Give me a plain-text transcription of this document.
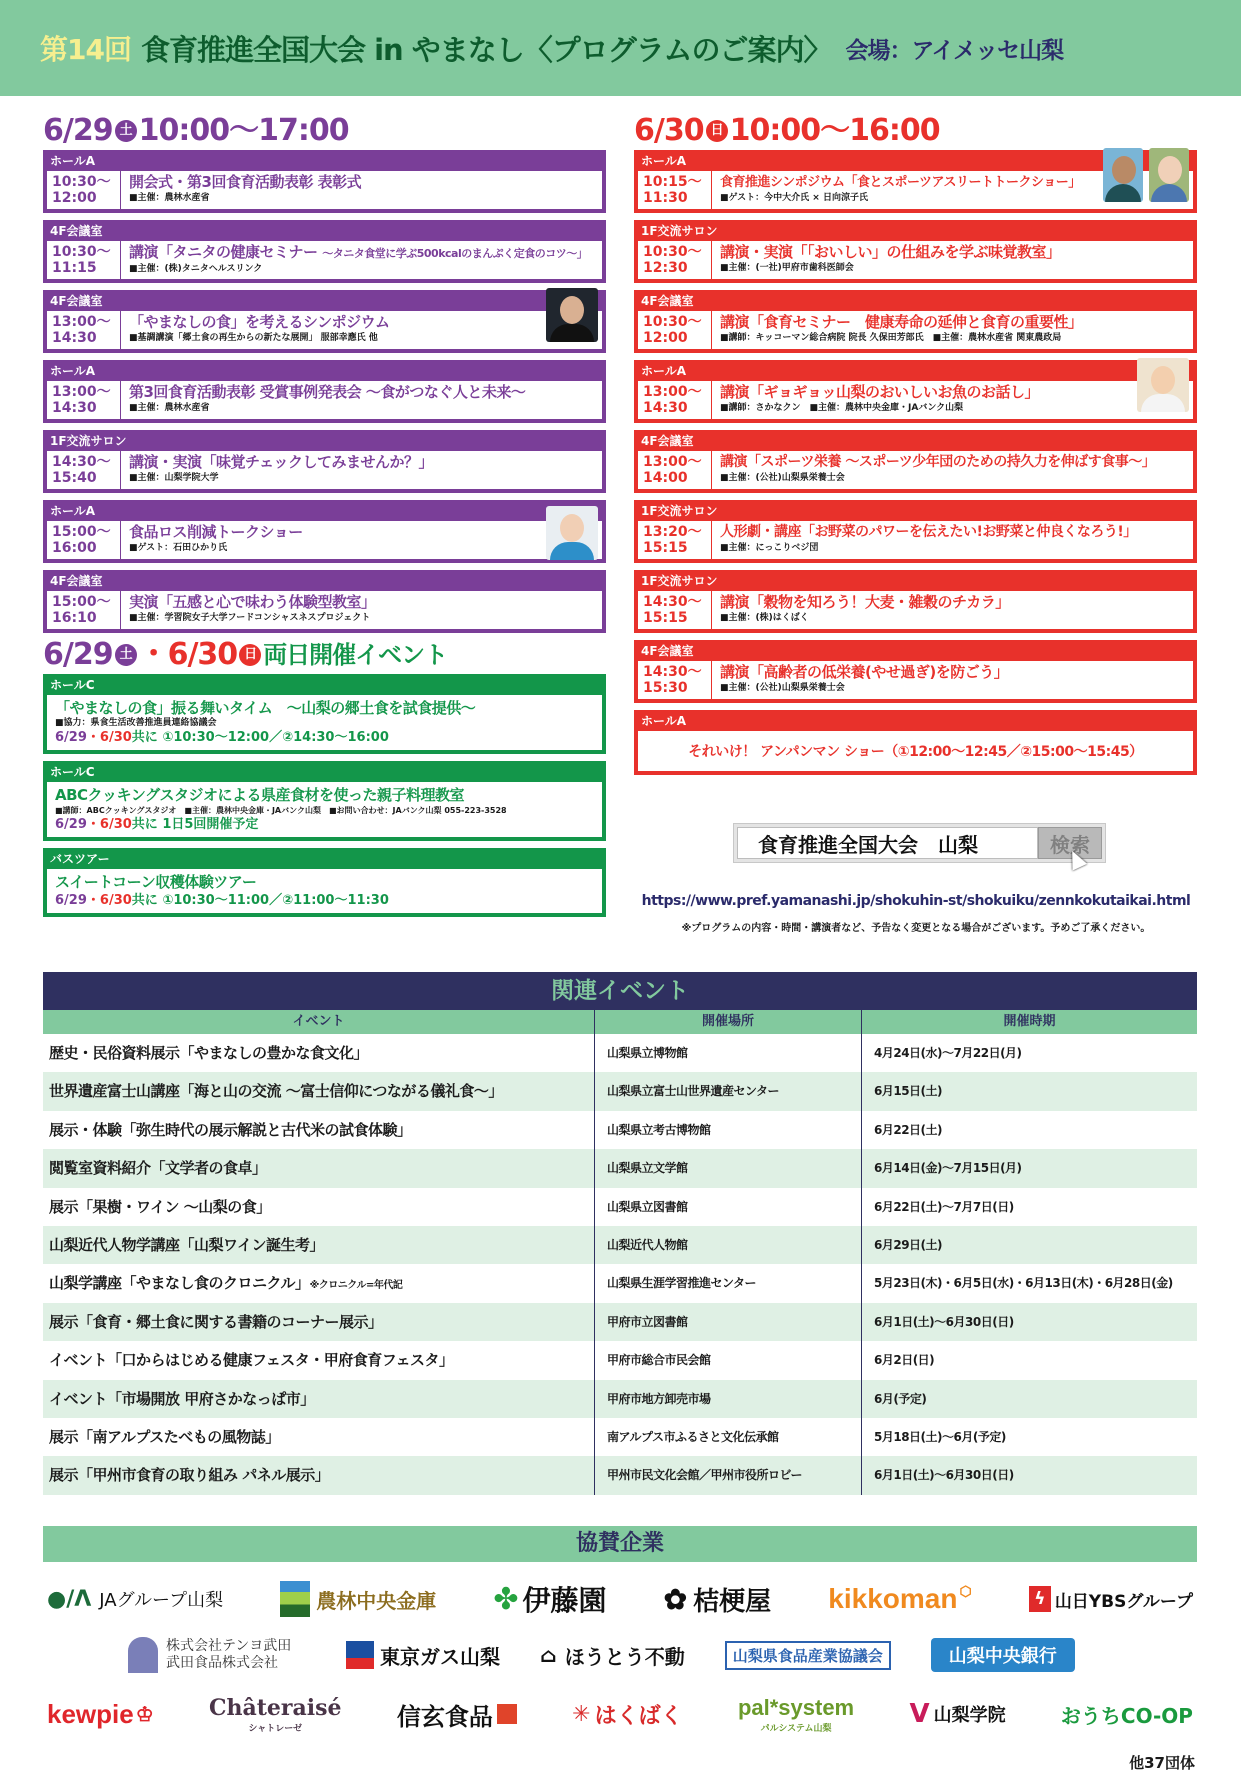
第14回 食育推進全国大会 in やまなし〈プログラムのご案内〉 会場：アイメッセ山梨
6/29 土 10:00〜17:00
ホールA
10:30〜
12:00
開会式・第3回食育活動表彰 表彰式
■主催：農林水産省
4F会議室
10:30〜
11:15
講演「タニタの健康セミナー 〜タニタ食堂に学ぶ500kcalのまんぷく定食のコツ〜」
■主催：(株)タニタヘルスリンク
4F会議室
13:00〜
14:30
「やまなしの食」を考えるシンポジウム
■基調講演「郷土食の再生からの新たな展開」 服部幸應氏 他
ホールA
13:00〜
14:30
第3回食育活動表彰 受賞事例発表会 〜食がつなぐ人と未来〜
■主催：農林水産省
1F交流サロン
14:30〜
15:40
講演・実演「味覚チェックしてみませんか？」
■主催：山梨学院大学
ホールA
15:00〜
16:00
食品ロス削減トークショー
■ゲスト：石田ひかり氏
4F会議室
15:00〜
16:10
実演「五感と心で味わう体験型教室」
■主催：学習院女子大学フードコンシャスネスプロジェクト
6/29 土 ・ 6/30 日 両日開催イベント
ホールC
「やまなしの食」振る舞いタイム　〜山梨の郷土食を試食提供〜
■協力：県食生活改善推進員連絡協議会
6/29・6/30共に ①10:30〜12:00／②14:30〜16:00
ホールC
ABCクッキングスタジオによる県産食材を使った親子料理教室
■講師：ABCクッキングスタジオ　■主催：農林中央金庫・JAバンク山梨　■お問い合わせ：JAバンク山梨 055-223-3528
6/29・6/30共に 1日5回開催予定
バスツアー
スイートコーン収穫体験ツアー
6/29・6/30共に ①10:30〜11:00／②11:00〜11:30
6/30 日 10:00〜16:00
ホールA
10:15〜
11:30
食育推進シンポジウム「食とスポーツアスリートトークショー」
■ゲスト：今中大介氏 × 日向涼子氏
1F交流サロン
10:30〜
12:30
講演・実演「「おいしい」の仕組みを学ぶ味覚教室」
■主催：(一社)甲府市歯科医師会
4F会議室
10:30〜
12:00
講演「食育セミナー　健康寿命の延伸と食育の重要性」
■講師：キッコーマン総合病院 院長 久保田芳郎氏　■主催：農林水産省 関東農政局
ホールA
13:00〜
14:30
講演「ギョギョッ山梨のおいしいお魚のお話し」
■講師：さかなクン　■主催：農林中央金庫・JAバンク山梨
4F会議室
13:00〜
14:00
講演「スポーツ栄養 〜スポーツ少年団のための持久力を伸ばす食事〜」
■主催：(公社)山梨県栄養士会
1F交流サロン
13:20〜
15:15
人形劇・講座「お野菜のパワーを伝えたい!お野菜と仲良くなろう!」
■主催：にっこりベジ団
1F交流サロン
14:30〜
15:15
講演「穀物を知ろう！大麦・雑穀のチカラ」
■主催：(株)はくばく
4F会議室
14:30〜
15:30
講演「高齢者の低栄養(やせ過ぎ)を防ごう」
■主催：(公社)山梨県栄養士会
ホールA
それいけ！ アンパンマン ショー（①12:00〜12:45／②15:00〜15:45）
食育推進全国大会　山梨	検索
https://www.pref.yamanashi.jp/shokuhin-st/shokuiku/zennkokutaikai.html
※プログラムの内容・時間・講演者など、予告なく変更となる場合がございます。予めご了承ください。
関連イベント
イベント	開催場所	開催時期
歴史・民俗資料展示「やまなしの豊かな食文化」	山梨県立博物館	4月24日(水)〜7月22日(月)
世界遺産富士山講座「海と山の交流 〜富士信仰につながる儀礼食〜」	山梨県立富士山世界遺産センター	6月15日(土)
展示・体験「弥生時代の展示解説と古代米の試食体験」	山梨県立考古博物館	6月22日(土)
閲覧室資料紹介「文学者の食卓」	山梨県立文学館	6月14日(金)〜7月15日(月)
展示「果樹・ワイン 〜山梨の食」	山梨県立図書館	6月22日(土)〜7月7日(日)
山梨近代人物学講座「山梨ワイン誕生考」	山梨近代人物館	6月29日(土)
山梨学講座「やまなし食のクロニクル」※クロニクル=年代記	山梨県生涯学習推進センター	5月23日(木)・6月5日(水)・6月13日(木)・6月28日(金)
展示「食育・郷土食に関する書籍のコーナー展示」	甲府市立図書館	6月1日(土)〜6月30日(日)
イベント「口からはじめる健康フェスタ・甲府食育フェスタ」	甲府市総合市民会館	6月2日(日)
イベント「市場開放 甲府さかなっぱ市」	甲府市地方卸売市場	6月(予定)
展示「南アルプスたべもの風物誌」	南アルプス市ふるさと文化伝承館	5月18日(土)〜6月(予定)
展示「甲州市食育の取り組み パネル展示」	甲州市民文化会館／甲州市役所ロビー	6月1日(土)〜6月30日(日)
協賛企業
●/Λ JAグループ山梨	農林中央金庫 ✤ 伊藤園 ✿ 桔梗屋 kikkoman ⬡	ϟ 山日YBSグループ
株式会社テンヨ武田 武田食品株式会社	東京ガス山梨 ⌂ ほうとう不動	山梨県食品産業協議会	山梨中央銀行
kewpie ♔	Châteraisé
シャトレーゼ	信玄食品	✳ はくばく	pal*system
パルシステム山梨	V 山梨学院	おうちCO-OP
他37団体
